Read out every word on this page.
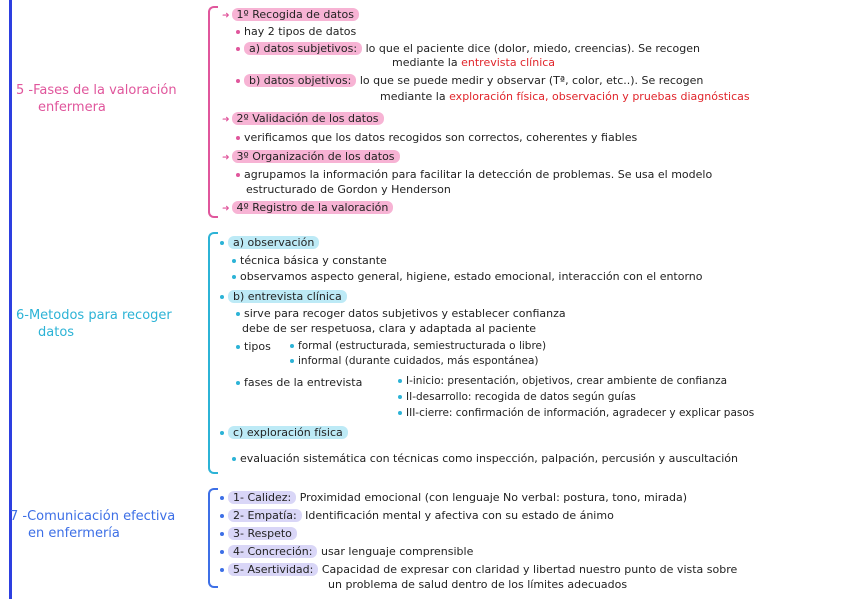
5 -Fases de la valoración
enfermera
➜ 1º Recogida de datos
hay 2 tipos de datos
a) datos subjetivos: lo que el paciente dice (dolor, miedo, creencias). Se recogen
mediante la entrevista clínica
b) datos objetivos: lo que se puede medir y observar (Tª, color, etc..). Se recogen
mediante la exploración física, observación y pruebas diagnósticas
➜ 2º Validación de los datos
verificamos que los datos recogidos son correctos, coherentes y fiables
➜ 3º Organización de los datos
agrupamos la información para facilitar la detección de problemas. Se usa el modelo
estructurado de Gordon y Henderson
➜ 4º Registro de la valoración
6-Metodos para recoger
datos
a) observación
técnica básica y constante
observamos aspecto general, higiene, estado emocional, interacción con el entorno
b) entrevista clínica
sirve para recoger datos subjetivos y establecer confianza
debe de ser respetuosa, clara y adaptada al paciente
tipos	formal (estructurada, semiestructurada o libre)
informal (durante cuidados, más espontánea)
fases de la entrevista	I-inicio: presentación, objetivos, crear ambiente de confianza
II-desarrollo: recogida de datos según guías
III-cierre: confirmación de información, agradecer y explicar pasos
c) exploración física
evaluación sistemática con técnicas como inspección, palpación, percusión y auscultación
7 -Comunicación efectiva
en enfermería
1- Calidez: Proximidad emocional (con lenguaje No verbal: postura, tono, mirada)
2- Empatía: Identificación mental y afectiva con su estado de ánimo
3- Respeto
4- Concreción: usar lenguaje comprensible
5- Asertividad: Capacidad de expresar con claridad y libertad nuestro punto de vista sobre
un problema de salud dentro de los límites adecuados
